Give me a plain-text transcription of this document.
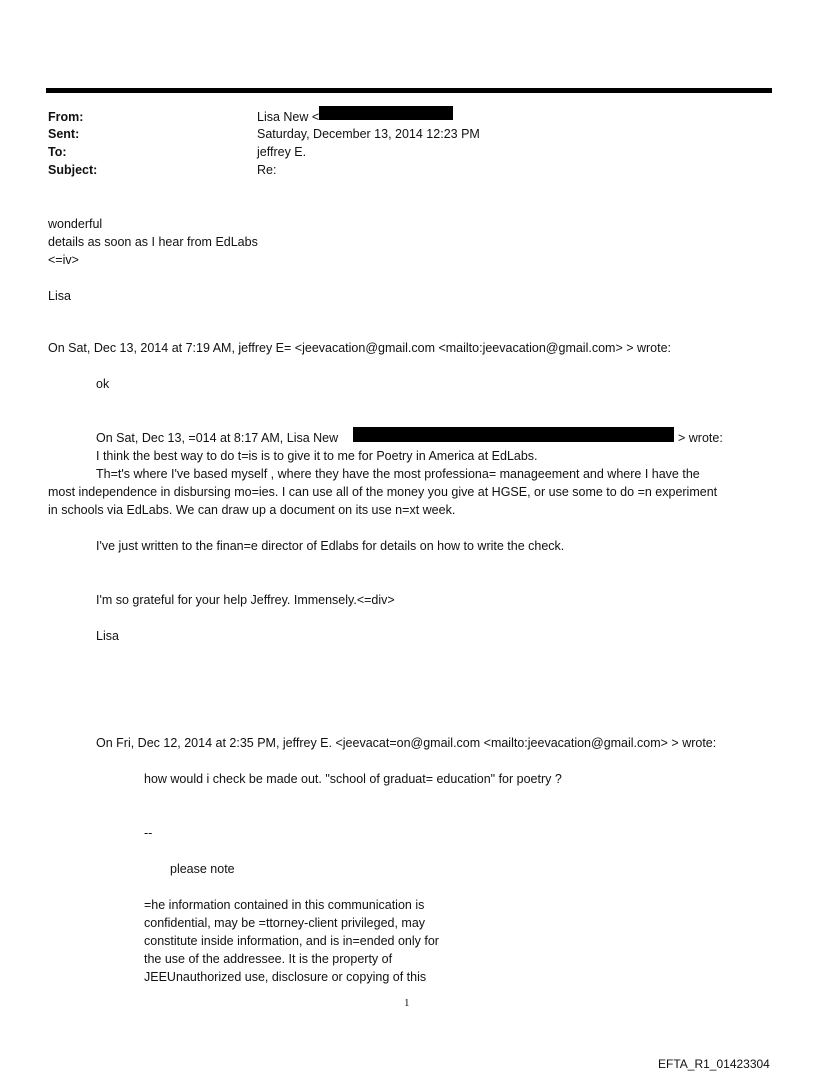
From:	Lisa New <
Sent:	Saturday, December 13, 2014 12:23 PM
To:	jeffrey E.
Subject:	Re:
wonderful
details as soon as I hear from EdLabs
<=iv>
Lisa
On Sat, Dec 13, 2014 at 7:19 AM, jeffrey E= <jeevacation@gmail.com <mailto:jeevacation@gmail.com> > wrote:
ok
On Sat, Dec 13, =014 at 8:17 AM, Lisa New	> wrote:
I think the best way to do t=is is to give it to me for Poetry in America at EdLabs.
Th=t's where I've based myself , where they have the most professiona= manageement and where I have the
most independence in disbursing mo=ies. I can use all of the money you give at HGSE, or use some to do =n experiment
in schools via EdLabs. We can draw up a document on its use n=xt week.
I've just written to the finan=e director of Edlabs for details on how to write the check.
I'm so grateful for your help Jeffrey. Immensely.<=div>
Lisa
On Fri, Dec 12, 2014 at 2:35 PM, jeffrey E. <jeevacat=on@gmail.com <mailto:jeevacation@gmail.com> > wrote:
how would i check be made out. "school of graduat= education" for poetry ?
--
please note
=he information contained in this communication is
confidential, may be =ttorney-client privileged, may
constitute inside information, and is in=ended only for
the use of the addressee. It is the property of
JEEUnauthorized use, disclosure or copying of this
1
EFTA_R1_01423304
